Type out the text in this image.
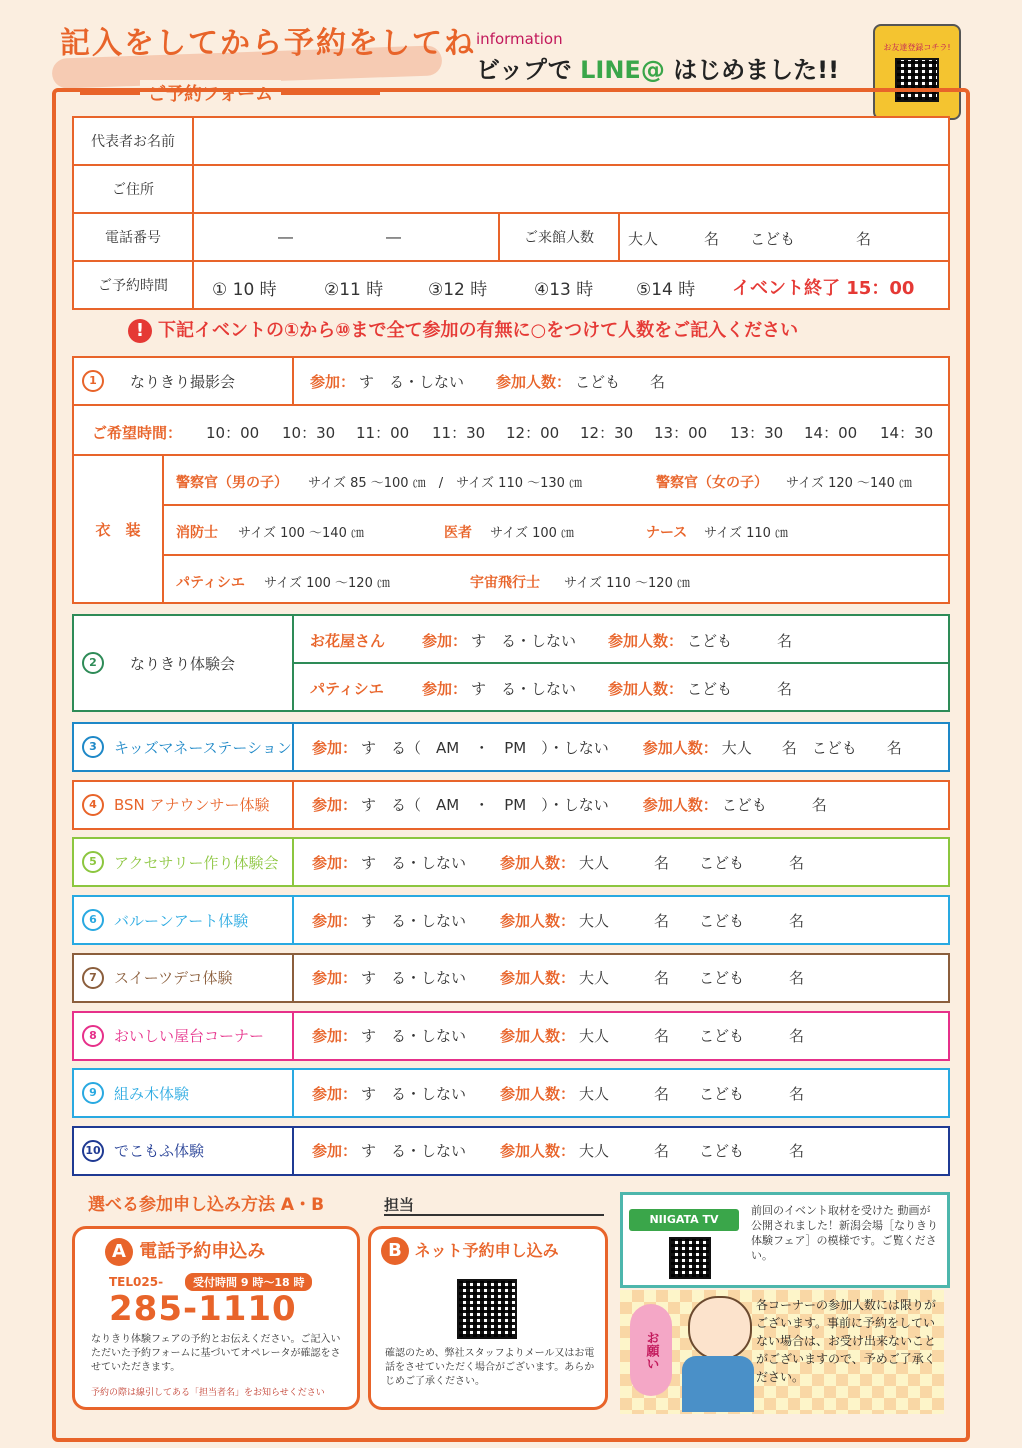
記入をしてから予約をしてね
ご予約フォーム
information
ビップで LINE@ はじめました!!
お友達登録コチラ!
代表者お名前
ご住所
電話番号	―	―	ご来館人数	大人	名 こども	名
ご予約時間	① 10 時	②11 時	③12 時	④13 時	⑤14 時 イベント終了 15：00
! 下記イベントの①から⑩まで全て参加の有無に○をつけて人数をご記入ください
1	なりきり撮影会	参加： す　る・しない 参加人数： こども　　名
ご希望時間： 10：00 10：30 11：00 11：30 12：00 12：30 13：00 13：30 14：00 14：30
衣　装
警察官（男の子） サイズ 85 ～100 ㎝　/　サイズ 110 ～130 ㎝	警察官（女の子） サイズ 120 ～140 ㎝
消防士 サイズ 100 ～140 ㎝	医者 サイズ 100 ㎝	ナース サイズ 110 ㎝
パティシエ サイズ 100 ～120 ㎝	宇宙飛行士 サイズ 110 ～120 ㎝
2	なりきり体験会
お花屋さん	参加： す　る・しない 参加人数： こども　　　名
パティシエ	参加： す　る・しない 参加人数： こども　　　名
3	キッズマネーステーション 参加： す　る（　AM　・　PM　）・しない 参加人数： 大人　　名　こども　　名
4	BSN アナウンサー体験	参加： す　る（　AM　・　PM　）・しない 参加人数： こども　　　名
5	アクセサリー作り体験会 参加： す　る・しない 参加人数： 大人　　　名　　こども　　　名
6	バルーンアート体験	参加： す　る・しない 参加人数： 大人　　　名　　こども　　　名
7	スイーツデコ体験	参加： す　る・しない 参加人数： 大人　　　名　　こども　　　名
8	おいしい屋台コーナー	参加： す　る・しない 参加人数： 大人　　　名　　こども　　　名
9	組み木体験	参加： す　る・しない 参加人数： 大人　　　名　　こども　　　名
10 でこもふ体験	参加： す　る・しない 参加人数： 大人　　　名　　こども　　　名
選べる参加申し込み方法 A・B	担当
A 電話予約申込み
TEL025-	受付時間 9 時～18 時
285-1110
なりきり体験フェアの予約とお伝えください。ご記入いただいた予約フォームに基づいてオペレータが確認をさせていただきます。
予約の際は線引してある「担当者名」をお知らせください
B ネット予約申し込み
確認のため、弊社スタッフよりメール又はお電話をさせていただく場合がございます。あらかじめご了承ください。
NIIGATA TV
前回のイベント取材を受けた 動画が公開されました！新潟会場［なりきり体験フェア］の模様です。ご覧ください。
お願い
各コーナーの参加人数には限りがございます。事前に予約をしていない場合は、お受け出来ないことがございますので、予めご了承ください。
